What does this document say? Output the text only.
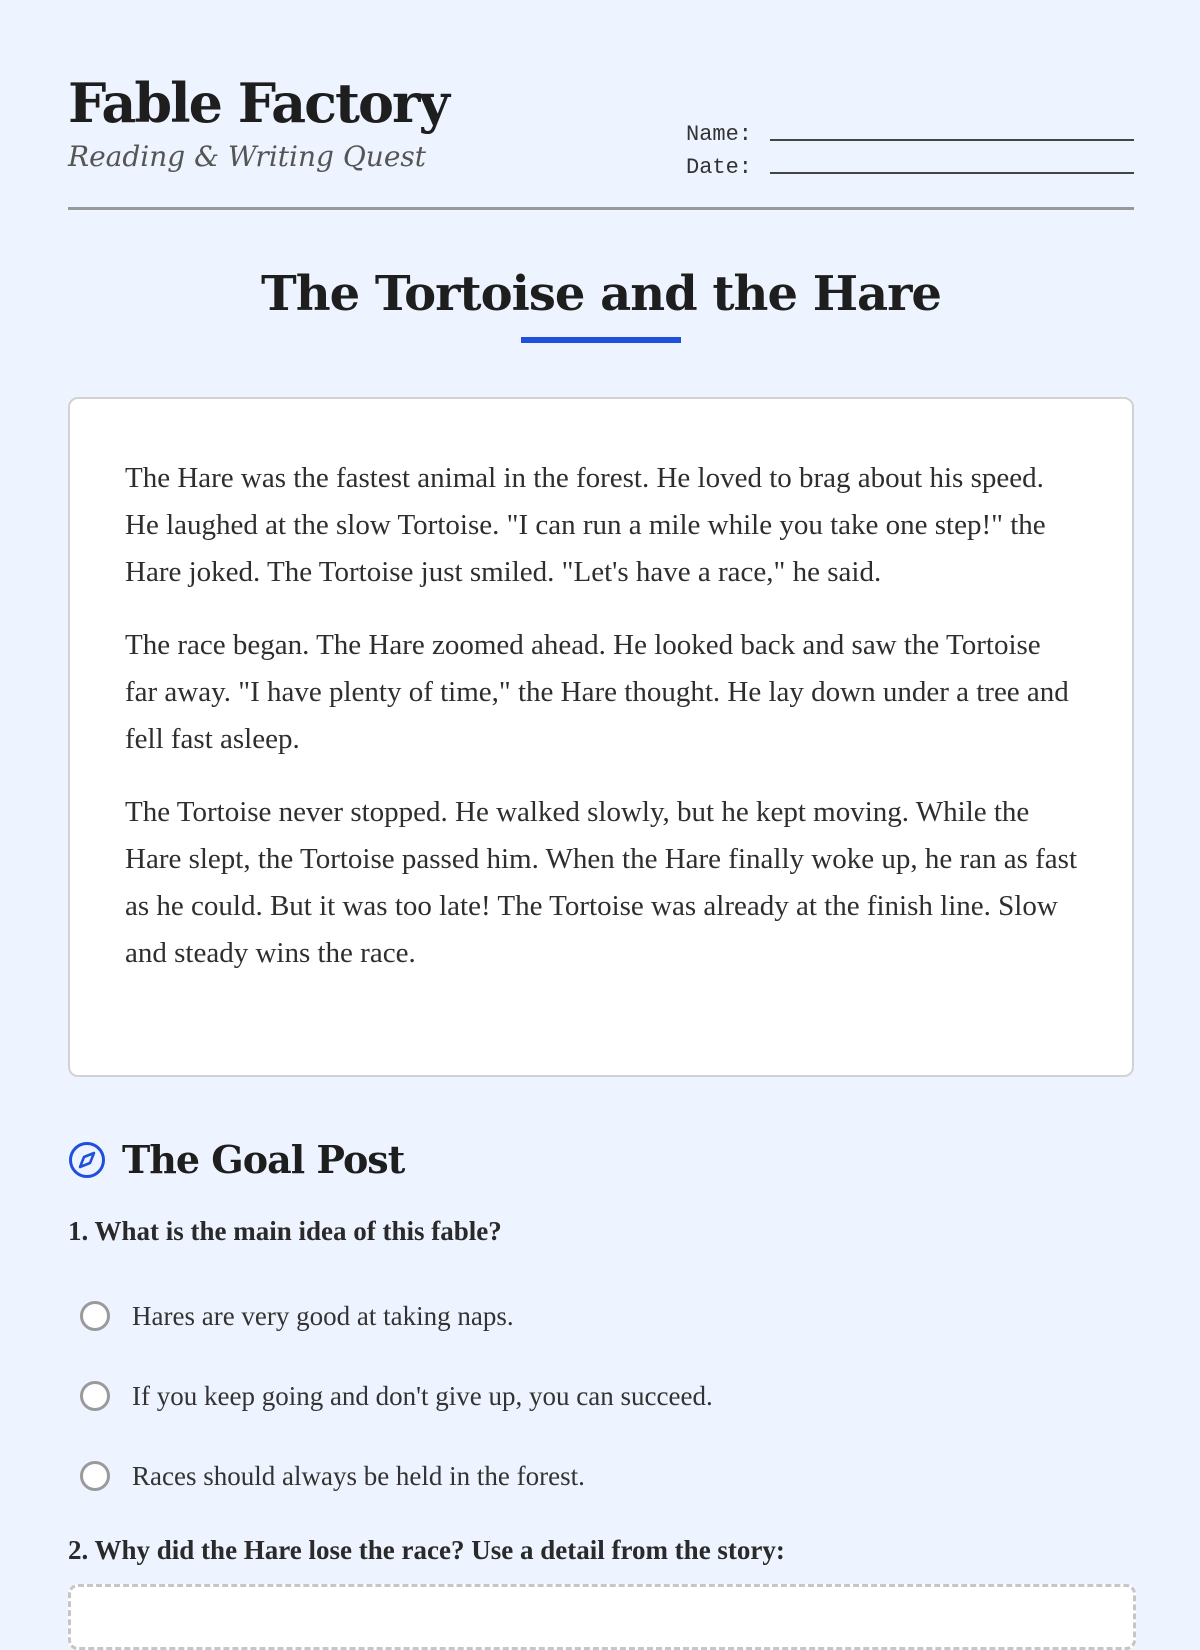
Fable Factory
Reading & Writing Quest
Name:
Date:
The Tortoise and the Hare

The Hare was the fastest animal in the forest. He loved to brag about his speed. He laughed at the slow Tortoise. "I can run a mile while you take one step!" the Hare joked. The Tortoise just smiled. "Let's have a race," he said.

The race began. The Hare zoomed ahead. He looked back and saw the Tortoise far away. "I have plenty of time," the Hare thought. He lay down under a tree and fell fast asleep.

The Tortoise never stopped. He walked slowly, but he kept moving. While the Hare slept, the Tortoise passed him. When the Hare finally woke up, he ran as fast as he could. But it was too late! The Tortoise was already at the finish line. Slow and steady wins the race.

The Goal Post

1. What is the main idea of this fable?

Hares are very good at taking naps.
If you keep going and don't give up, you can succeed.
Races should always be held in the forest.

2. Why did the Hare lose the race? Use a detail from the story:
